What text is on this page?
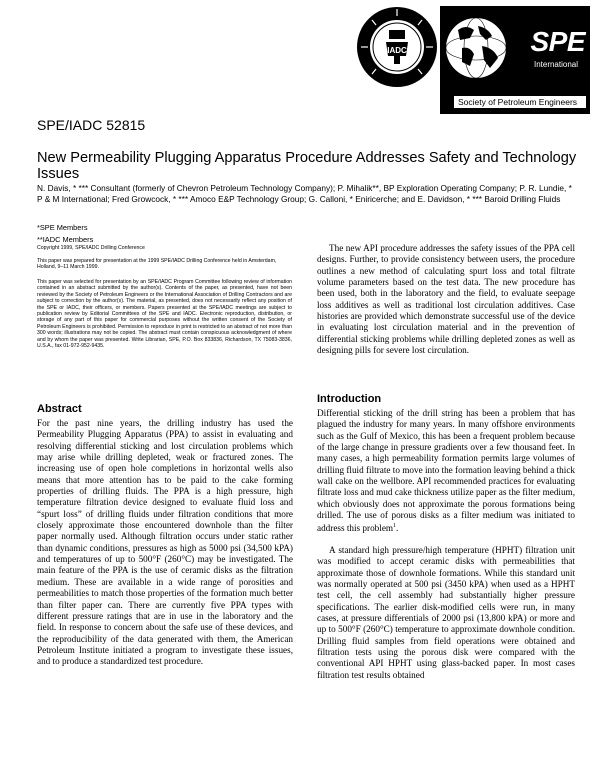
IADC	SPE
International
Society of Petroleum Engineers
SPE/IADC 52815
New Permeability Plugging Apparatus Procedure Addresses Safety and Technology Issues
N. Davis, * *** Consultant (formerly of Chevron Petroleum Technology Company); P. Mihalik**, BP Exploration Operating Company; P. R. Lundie, * P & M International; Fred Growcock, * *** Amoco E&P Technology Group; G. Calloni, * Eniricerche; and E. Davidson, * *** Baroid Drilling Fluids
*SPE Members
**IADC Members
Copyright 1999, SPE/IADC Drilling Conference
This paper was prepared for presentation at the 1999 SPE/IADC Drilling Conference held in Amsterdam, Holland, 9–11 March 1999.
This paper was selected for presentation by an SPE/IADC Program Committee following review of information contained in an abstract submitted by the author(s). Contents of the paper, as presented, have not been reviewed by the Society of Petroleum Engineers or the International Association of Drilling Contractors and are subject to correction by the author(s). The material, as presented, does not necessarily reflect any position of the SPE or IADC, their officers, or members. Papers presented at the SPE/IADC meetings are subject to publication review by Editorial Committees of the SPE and IADC. Electronic reproduction, distribution, or storage of any part of this paper for commercial purposes without the written consent of the Society of Petroleum Engineers is prohibited. Permission to reproduce in print is restricted to an abstract of not more than 300 words; illustrations may not be copied. The abstract must contain conspicuous acknowledgment of where and by whom the paper was presented. Write Librarian, SPE, P.O. Box 833836, Richardson, TX 75083-3836, U.S.A., fax 01-972-952-9435.
Abstract

For the past nine years, the drilling industry has used the Permeability Plugging Apparatus (PPA) to assist in evaluating and resolving differential sticking and lost circulation problems which may arise while drilling depleted, weak or fractured zones. The increasing use of open hole completions in horizontal wells also means that more attention has to be paid to the cake forming properties of drilling fluids. The PPA is a high pressure, high temperature filtration device designed to evaluate fluid loss and “spurt loss” of drilling fluids under filtration conditions that more closely approximate those encountered downhole than the filter paper normally used. Although filtration occurs under static rather than dynamic conditions, pressures as high as 5000 psi (34,500 kPA) and temperatures of up to 500°F (260°C) may be investigated. The main feature of the PPA is the use of ceramic disks as the filtration medium. These are available in a wide range of porosities and permeabilities to match those properties of the formation much better than filter paper can. There are currently five PPA types with different pressure ratings that are in use in the laboratory and the field. In response to concern about the safe use of these devices, and the reproducibility of the data generated with them, the American Petroleum Institute initiated a program to investigate these issues, and to produce a standardized test procedure.

The new API procedure addresses the safety issues of the PPA cell designs. Further, to provide consistency between users, the procedure outlines a new method of calculating spurt loss and total filtrate volume parameters based on the test data. The new procedure has been used, both in the laboratory and the field, to evaluate seepage loss additives as well as traditional lost circulation additives. Case histories are provided which demonstrate successful use of the device in evaluating lost circulation material and in the prevention of differential sticking problems while drilling depleted zones as well as designing pills for severe lost circulation.

Introduction

Differential sticking of the drill string has been a problem that has plagued the industry for many years. In many offshore environments such as the Gulf of Mexico, this has been a frequent problem because of the large change in pressure gradients over a few thousand feet. In many cases, a high permeability formation permits large volumes of drilling fluid filtrate to move into the formation leaving behind a thick wall cake on the wellbore. API recommended practices for evaluating filtrate loss and mud cake thickness utilize paper as the filter medium, which obviously does not approximate the porous formations being drilled. The use of porous disks as a filter medium was initiated to address this problem$^1$.

A standard high pressure/high temperature (HPHT) filtration unit was modified to accept ceramic disks with permeabilities that approximate those of downhole formations. While this standard unit was normally operated at 500 psi (3450 kPA) when used as a HPHT test cell, the cell assembly had substantially higher pressure specifications. The earlier disk-modified cells were run, in many cases, at pressure differentials of 2000 psi (13,800 kPA) or more and up to 500°F (260°C) temperature to approximate downhole condition. Drilling fluid samples from field operations were obtained and filtration tests using the porous disk were compared with the conventional API HPHT using glass-backed paper. In most cases filtration test results obtained
